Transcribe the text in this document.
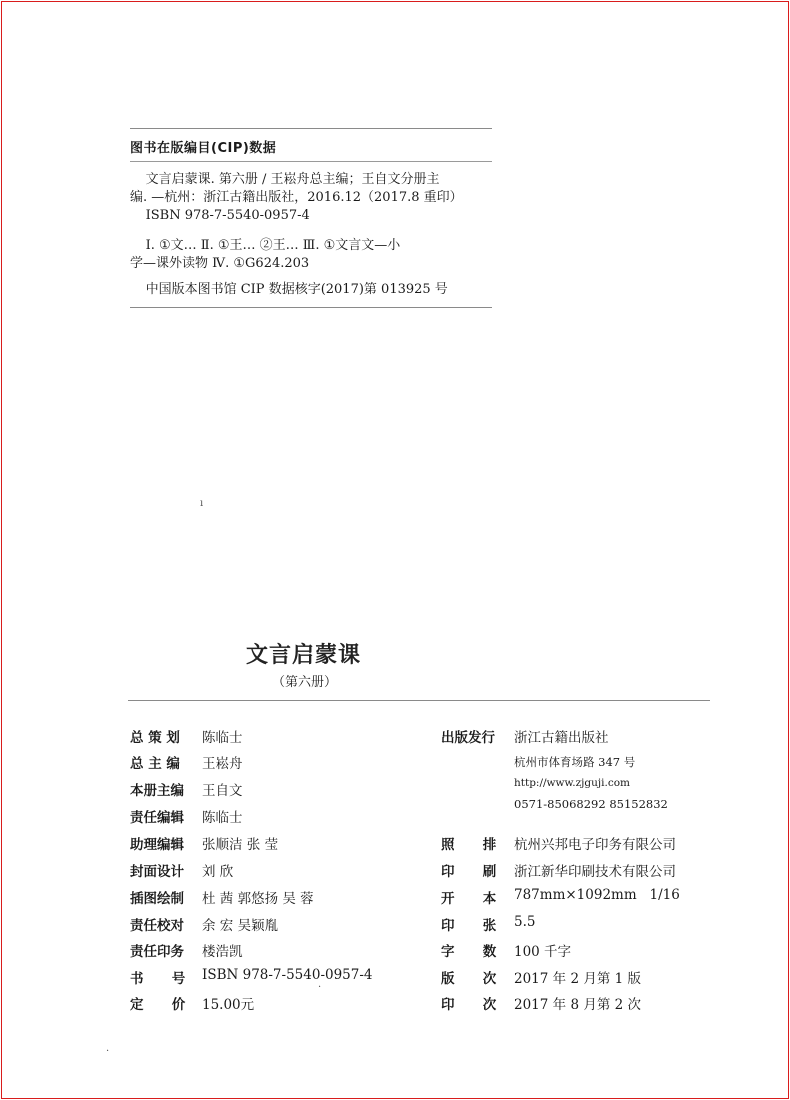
图书在版编目(CIP)数据

文言启蒙课. 第六册 / 王崧舟总主编；王自文分册主

编. —杭州：浙江古籍出版社，2016.12（2017.8 重印）

ISBN 978-7-5540-0957-4

Ⅰ. ①文… Ⅱ. ①王… ②王… Ⅲ. ①文言文—小

学—课外读物 Ⅳ. ①G624.203

中国版本图书馆 CIP 数据核字(2017)第 013925 号

ı
文言启蒙课
（第六册）
总 策 划 陈临士
总 主 编 王崧舟
本册主编 王自文
责任编辑 陈临士
助理编辑 张顺洁 张 莹
封面设计 刘 欣
插图绘制 杜 茜 郭悠扬 吴 蓉
责任校对 余 宏 吴颖胤
责任印务 楼浩凯
书      号 ISBN 978-7-5540-0957-4
定      价 15.00元
出版发行 浙江古籍出版社
杭州市体育场路 347 号
http://www.zjguji.com
0571-85068292 85152832
照      排 杭州兴邦电子印务有限公司
印      刷 浙江新华印刷技术有限公司
开      本 787mm×1092mm   1/16
印      张 5.5
字      数 100 千字
版      次 2017 年 2 月第 1 版
印      次 2017 年 8 月第 2 次
·
·
